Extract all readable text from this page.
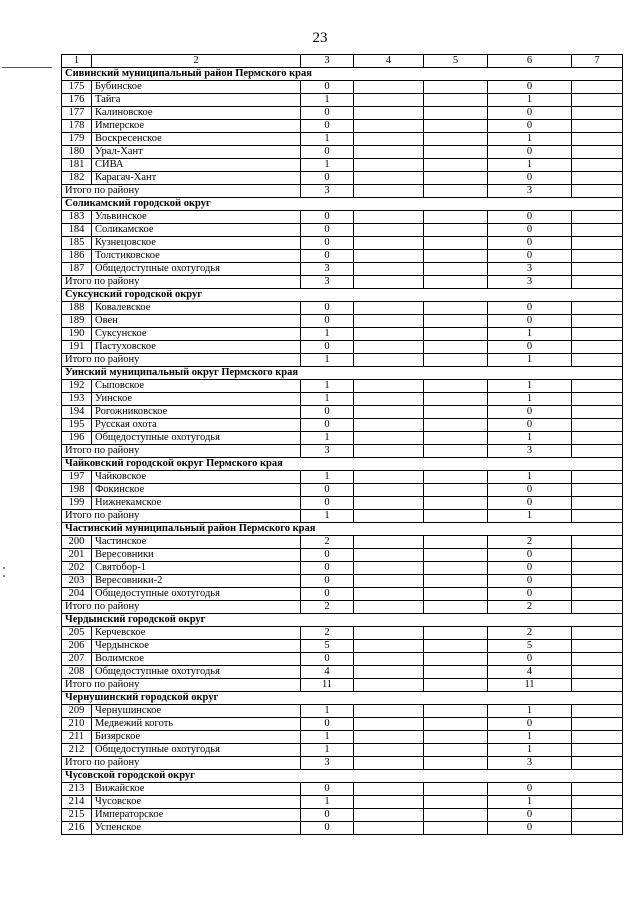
23
1	2	3	4	5	6	7
Сивинский муниципальный район Пермского края						
175	Бубинское	0			0	
176	Тайга	1			1	
177	Калиновское	0			0	
178	Имперское	0			0	
179	Воскресенское	1			1	
180	Урал-Хант	0			0	
181	СИВА	1			1	
182	Карагач-Хант	0			0	
Итого по району		3			3	
Соликамский городской округ						
183	Ульвинское	0			0	
184	Соликамское	0			0	
185	Кузнецовское	0			0	
186	Толстиковское	0			0	
187	Общедоступные охотугодья	3			3	
Итого по району		3			3	
Суксунский городской округ						
188	Ковалевское	0			0	
189	Овен	0			0	
190	Суксунское	1			1	
191	Пастуховское	0			0	
Итого по району		1			1	
Уинский муниципальный округ Пермского края						
192	Сыповское	1			1	
193	Уинское	1			1	
194	Рогожниковское	0			0	
195	Русская охота	0			0	
196	Общедоступные охотугодья	1			1	
Итого по району		3			3	
Чайковский городской округ Пермского края						
197	Чайковское	1			1	
198	Фокинское	0			0	
199	Нижнекамское	0			0	
Итого по району		1			1	
Частинский муниципальный район Пермского края						
200	Частинское	2			2	
201	Вересовники	0			0	
202	Святобор-1	0			0	
203	Вересовники-2	0			0	
204	Общедоступные охотугодья	0			0	
Итого по району		2			2	
Чердынский городской округ						
205	Керчевское	2			2	
206	Чердынское	5			5	
207	Волимское	0			0	
208	Общедоступные охотугодья	4			4	
Итого по району		11			11	
Чернушинский городской округ						
209	Чернушинское	1			1	
210	Медвежий коготь	0			0	
211	Бизярское	1			1	
212	Общедоступные охотугодья	1			1	
Итого по району		3			3	
Чусовской городской округ						
213	Вижайское	0			0	
214	Чусовское	1			1	
215	Императорское	0			0	
216	Успенское	0			0	
